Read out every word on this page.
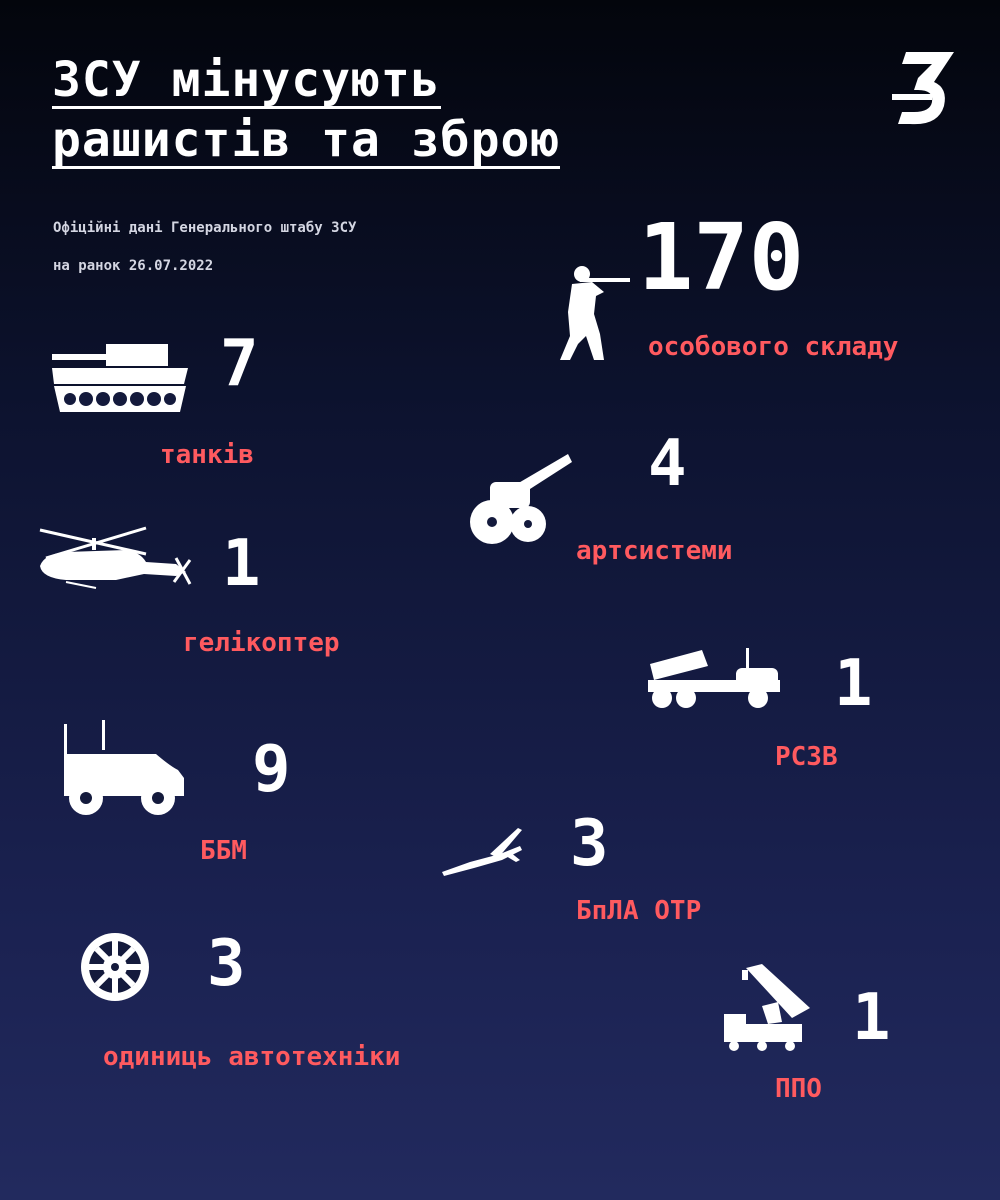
ЗСУ мінусують
рашистів та зброю
Офіційні дані Генерального штабу ЗСУ
на ранок 26.07.2022	170
особового складу
7
танків	4
артсистеми
1
гелікоптер
1
РСЗВ
9
ББМ	3
БпЛА ОТР
3
одиниць автотехніки
1
ППО
